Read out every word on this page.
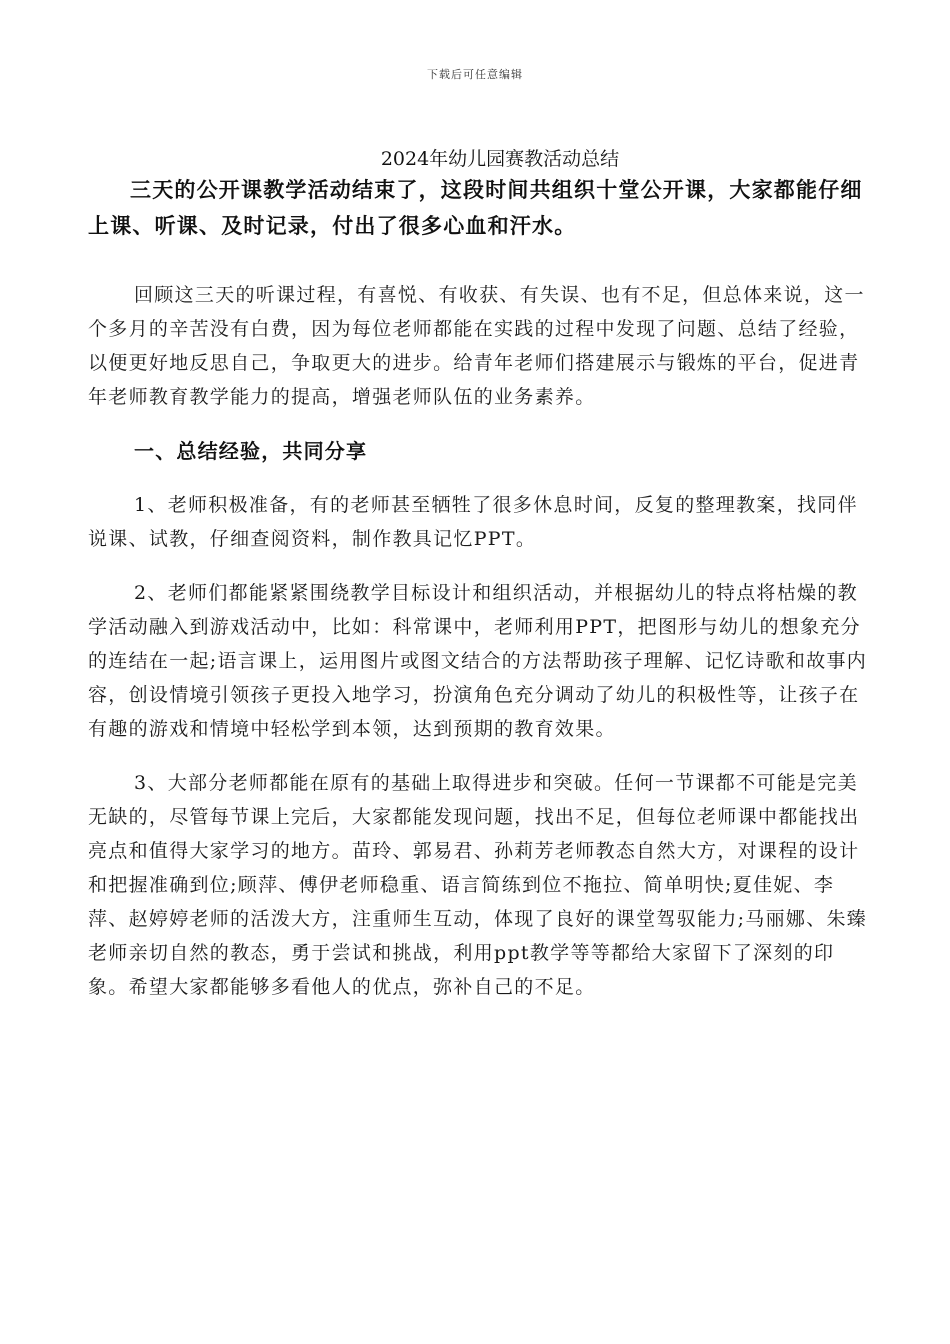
下载后可任意编辑
2024年幼儿园赛教活动总结

三天的公开课教学活动结束了，这段时间共组织十堂公开课，大家都能仔细上课、听课、及时记录，付出了很多心血和汗水。

回顾这三天的听课过程，有喜悦、有收获、有失误、也有不足，但总体来说，这一个多月的辛苦没有白费，因为每位老师都能在实践的过程中发现了问题、总结了经验，以便更好地反思自己，争取更大的进步。给青年老师们搭建展示与锻炼的平台，促进青年老师教育教学能力的提高，增强老师队伍的业务素养。

一、总结经验，共同分享

1、老师积极准备，有的老师甚至牺牲了很多休息时间，反复的整理教案，找同伴说课、试教，仔细查阅资料，制作教具记忆PPT。

2、老师们都能紧紧围绕教学目标设计和组织活动，并根据幼儿的特点将枯燥的教学活动融入到游戏活动中，比如：科常课中，老师利用PPT，把图形与幼儿的想象充分的连结在一起;语言课上，运用图片或图文结合的方法帮助孩子理解、记忆诗歌和故事内容，创设情境引领孩子更投入地学习，扮演角色充分调动了幼儿的积极性等，让孩子在有趣的游戏和情境中轻松学到本领，达到预期的教育效果。

3、大部分老师都能在原有的基础上取得进步和突破。任何一节课都不可能是完美无缺的，尽管每节课上完后，大家都能发现问题，找出不足，但每位老师课中都能找出亮点和值得大家学习的地方。苗玲、郭易君、孙莉芳老师教态自然大方，对课程的设计和把握准确到位;顾萍、傅伊老师稳重、语言简练到位不拖拉、简单明快;夏佳妮、李萍、赵婷婷老师的活泼大方，注重师生互动，体现了良好的课堂驾驭能力;马丽娜、朱臻老师亲切自然的教态，勇于尝试和挑战，利用ppt教学等等都给大家留下了深刻的印象。希望大家都能够多看他人的优点，弥补自己的不足。
